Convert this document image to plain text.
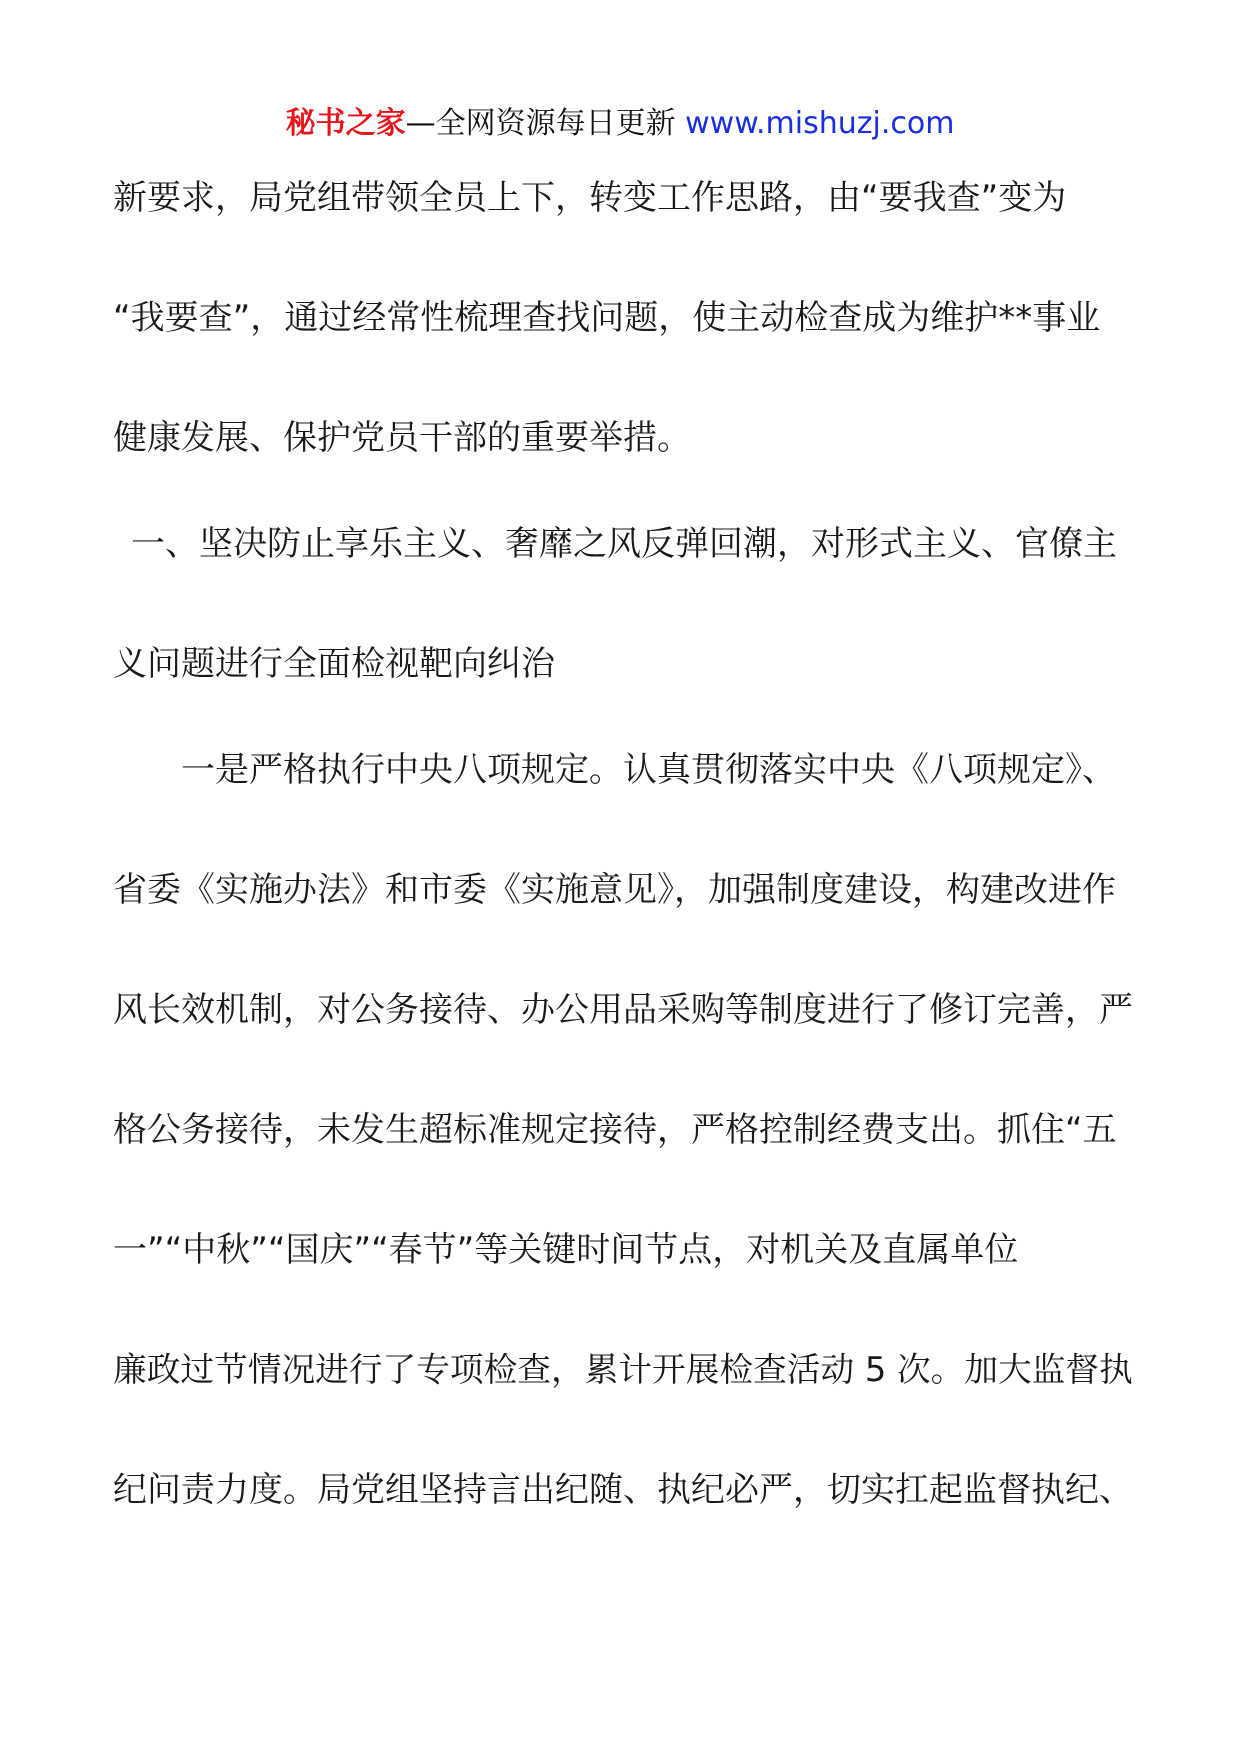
秘书之家—全网资源每日更新 www.mishuzj.com
新要求，局党组带领全员上下，转变工作思路，由“要我查”变为
“我要查”，通过经常性梳理查找问题，使主动检查成为维护**事业
健康发展、保护党员干部的重要举措。
一、坚决防止享乐主义、奢靡之风反弹回潮，对形式主义、官僚主
义问题进行全面检视靶向纠治
一是严格执行中央八项规定。认真贯彻落实中央《八项规定》、
省委《实施办法》和市委《实施意见》，加强制度建设，构建改进作
风长效机制，对公务接待、办公用品采购等制度进行了修订完善，严
格公务接待，未发生超标准规定接待，严格控制经费支出。抓住“五
一”“中秋”“国庆”“春节”等关键时间节点，对机关及直属单位
廉政过节情况进行了专项检查，累计开展检查活动 5 次。加大监督执
纪问责力度。局党组坚持言出纪随、执纪必严，切实扛起监督执纪、
